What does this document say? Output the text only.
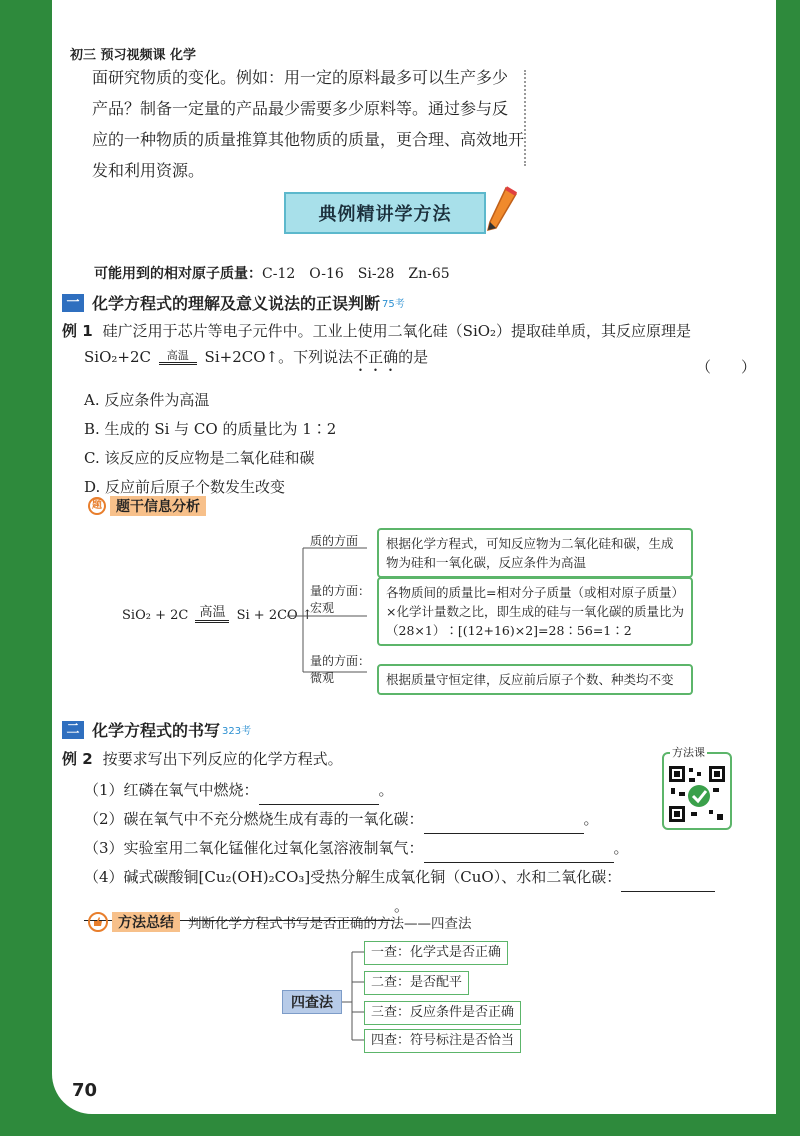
初三 预习视频课 化学
面研究物质的变化。例如：用一定的原料最多可以生产多少
产品？制备一定量的产品最少需要多少原料等。通过参与反
应的一种物质的质量推算其他物质的质量，更合理、高效地开
发和利用资源。
典例精讲学方法
可能用到的相对原子质量：C-12　O-16　Si-28　Zn-65
一 化学方程式的理解及意义说法的正误判断 75考
例 1 硅广泛用于芯片等电子元件中。工业上使用二氧化硅（SiO₂）提取硅单质，其反应原理是
SiO₂+2C 高温 Si+2CO↑。下列说法不正确的是
（　　）
A. 反应条件为高温
B. 生成的 Si 与 CO 的质量比为 1∶2
C. 该反应的反应物是二氧化硅和碳
D. 反应前后原子个数发生改变
题	题干信息分析
SiO₂ + 2C 高温 Si + 2CO ↑
质的方面
量的方面：宏观
量的方面：微观
根据化学方程式，可知反应物为二氧化硅和碳，生成物为硅和一氧化碳，反应条件为高温
各物质间的质量比=相对分子质量（或相对原子质量）×化学计量数之比，即生成的硅与一氧化碳的质量比为（28×1）∶[(12+16)×2]=28∶56=1∶2
根据质量守恒定律，反应前后原子个数、种类均不变
二 化学方程式的书写 323考
例 2 按要求写出下列反应的化学方程式。
（1）红磷在氧气中燃烧：	。
（2）碳在氧气中不充分燃烧生成有毒的一氧化碳：	。
（3）实验室用二氧化锰催化过氧化氢溶液制氧气：	。
（4）碱式碳酸铜[Cu₂(OH)₂CO₃]受热分解生成氧化铜（CuO）、水和二氧化碳：
。
方法课
方法总结	判断化学方程式书写是否正确的方法——四查法
四查法
一查：化学式是否正确
二查：是否配平
三查：反应条件是否正确
四查：符号标注是否恰当
70
